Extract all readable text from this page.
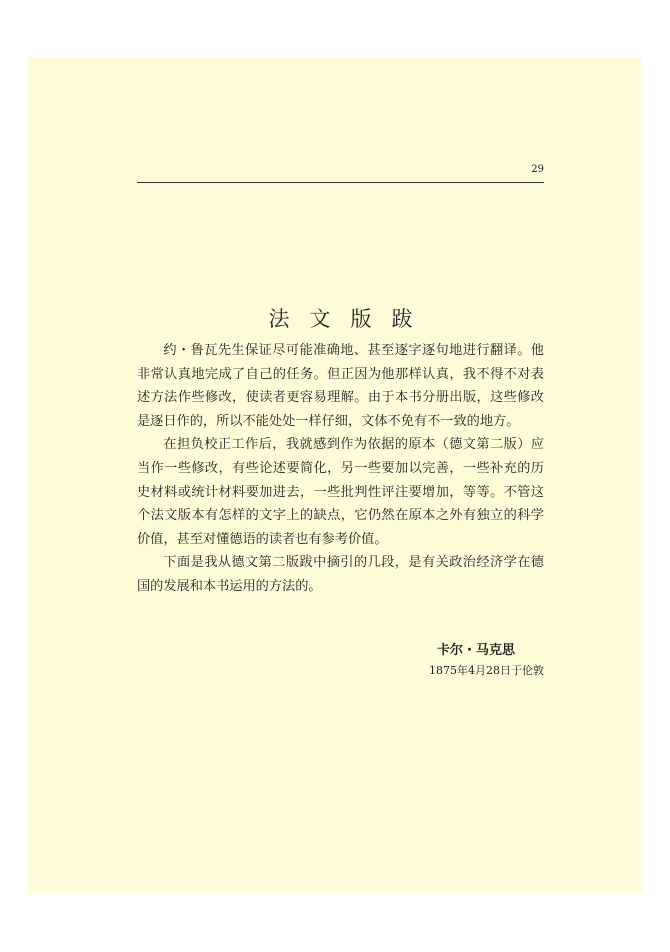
29
法文版跋

约・鲁瓦先生保证尽可能准确地、甚至逐字逐句地进行翻译。他非常认真地完成了自己的任务。但正因为他那样认真，我不得不对表述方法作些修改，使读者更容易理解。由于本书分册出版，这些修改是逐日作的，所以不能处处一样仔细，文体不免有不一致的地方。

在担负校正工作后，我就感到作为依据的原本（德文第二版）应当作一些修改，有些论述要简化，另一些要加以完善，一些补充的历史材料或统计材料要加进去，一些批判性评注要增加，等等。不管这个法文版本有怎样的文字上的缺点，它仍然在原本之外有独立的科学价值，甚至对懂德语的读者也有参考价值。

下面是我从德文第二版跋中摘引的几段，是有关政治经济学在德国的发展和本书运用的方法的。

卡尔・马克思
1875年4月28日于伦敦
